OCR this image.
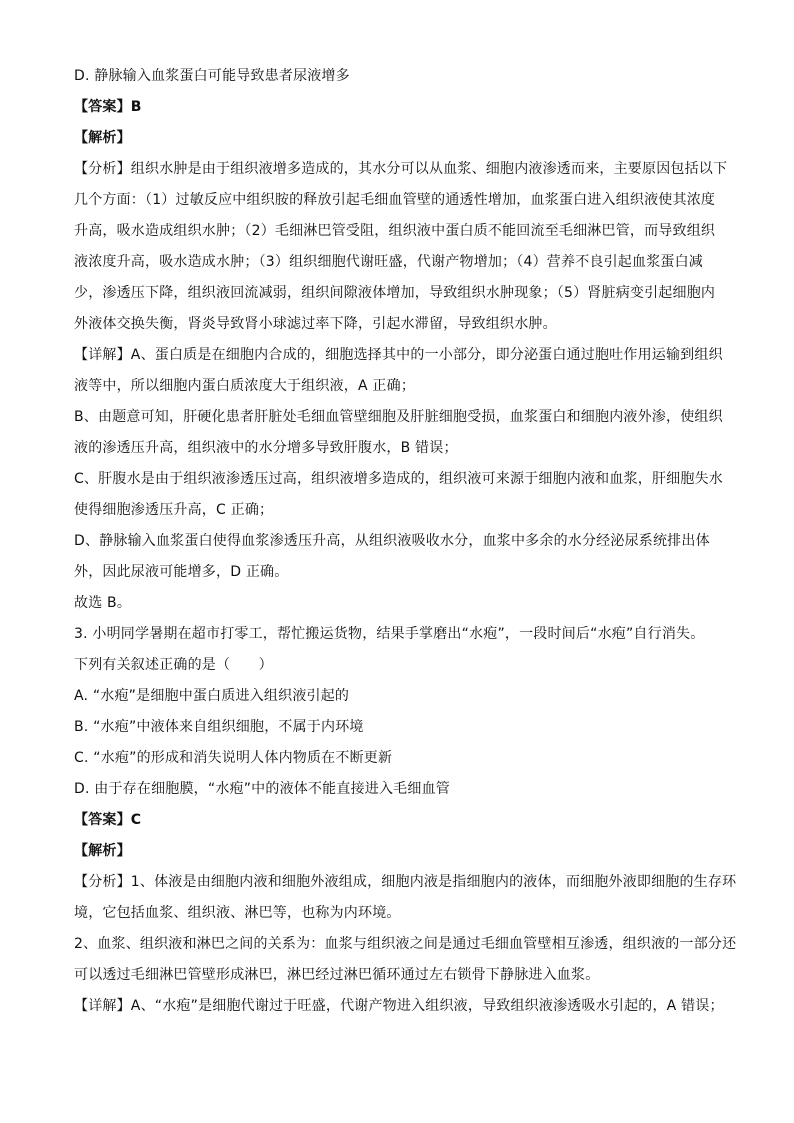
D. 静脉输入血浆蛋白可能导致患者尿液增多
【答案】B
【解析】
【分析】组织水肿是由于组织液增多造成的，其水分可以从血浆、细胞内液渗透而来，主要原因包括以下
几个方面：（1）过敏反应中组织胺的释放引起毛细血管壁的通透性增加，血浆蛋白进入组织液使其浓度
升高，吸水造成组织水肿；（2）毛细淋巴管受阻，组织液中蛋白质不能回流至毛细淋巴管，而导致组织
液浓度升高，吸水造成水肿；（3）组织细胞代谢旺盛，代谢产物增加；（4）营养不良引起血浆蛋白减
少，渗透压下降，组织液回流减弱，组织间隙液体增加，导致组织水肿现象；（5）肾脏病变引起细胞内
外液体交换失衡，肾炎导致肾小球滤过率下降，引起水滞留，导致组织水肿。
【详解】A、蛋白质是在细胞内合成的，细胞选择其中的一小部分，即分泌蛋白通过胞吐作用运输到组织
液等中，所以细胞内蛋白质浓度大于组织液，A 正确；
B、由题意可知，肝硬化患者肝脏处毛细血管壁细胞及肝脏细胞受损，血浆蛋白和细胞内液外渗，使组织
液的渗透压升高，组织液中的水分增多导致肝腹水，B 错误；
C、肝腹水是由于组织液渗透压过高，组织液增多造成的，组织液可来源于细胞内液和血浆，肝细胞失水
使得细胞渗透压升高，C 正确；
D、静脉输入血浆蛋白使得血浆渗透压升高，从组织液吸收水分，血浆中多余的水分经泌尿系统排出体
外，因此尿液可能增多，D 正确。
故选 B。
3. 小明同学暑期在超市打零工，帮忙搬运货物，结果手掌磨出“水疱”，一段时间后“水疱”自行消失。
下列有关叙述正确的是（　　）
A. “水疱”是细胞中蛋白质进入组织液引起的
B. “水疱”中液体来自组织细胞，不属于内环境
C. “水疱”的形成和消失说明人体内物质在不断更新
D. 由于存在细胞膜，“水疱”中的液体不能直接进入毛细血管
【答案】C
【解析】
【分析】1、体液是由细胞内液和细胞外液组成，细胞内液是指细胞内的液体，而细胞外液即细胞的生存环
境，它包括血浆、组织液、淋巴等，也称为内环境。
2、血浆、组织液和淋巴之间的关系为：血浆与组织液之间是通过毛细血管壁相互渗透，组织液的一部分还
可以透过毛细淋巴管壁形成淋巴，淋巴经过淋巴循环通过左右锁骨下静脉进入血浆。
【详解】A、“水疱”是细胞代谢过于旺盛，代谢产物进入组织液，导致组织液渗透吸水引起的，A 错误；
